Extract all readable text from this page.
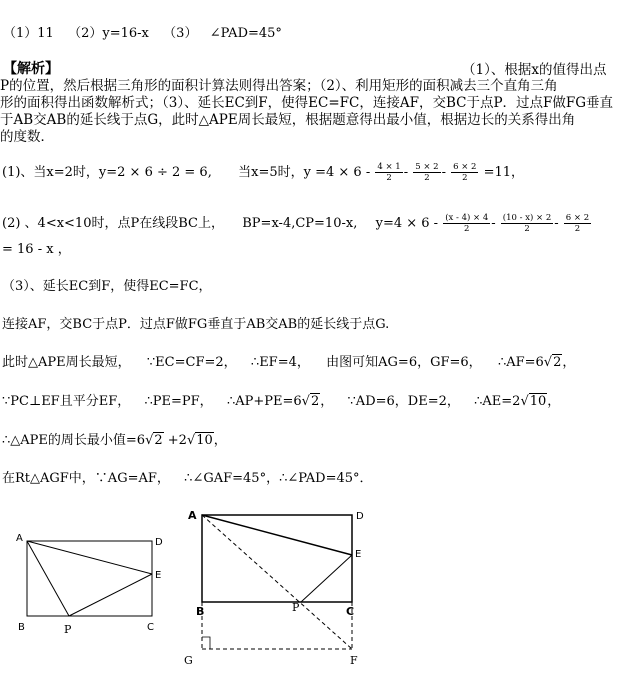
（1）11 （2）y=16-x （3） ∠PAD=45°
【解析】	（1）、根据x的值得出点
P的位置，然后根据三角形的面积计算法则得出答案；（2）、利用矩形的面积减去三个直角三角
形的面积得出函数解析式；（3）、延长EC到F，使得EC=FC，连接AF，交BC于点P．过点F做FG垂直
于AB交AB的延长线于点G，此时△APE周长最短，根据题意得出最小值，根据边长的关系得出角
的度数．
(1)、当x=2时，y=2 × 6 ÷ 2 = 6, 当x=5时，$y =4 \times 6 - \frac{4 \times 1}{2} - \frac{5 \times 2}{2} - \frac{6 \times 2}{2} =11$，
(2) 、4<x<10时，点P在线段BC上， BP=x-4,CP=10-x, $y=4 \times 6 - \frac{(x - 4) \times 4}{2} - \frac{(10 - x) \times 2}{2} - \frac{6 \times 2}{2}$
= 16 - x ，
（3）、延长EC到F，使得EC=FC，
连接AF，交BC于点P．过点F做FG垂直于AB交AB的延长线于点G.
此时△APE周长最短， ∵EC=CF=2， ∴EF=4， 由图可知AG=6，GF=6， ∴AF=6√2，
∵PC⊥EF且平分EF， ∴PE=PF， ∴AP+PE=6√2， ∵AD=6，DE=2， ∴AE=2√10，
∴△APE的周长最小值=6√2 +2√10，
在Rt△AGF中，∵AG=AF， ∴∠GAF=45°，∴∠PAD=45°．
A	D
E
B	C
P
A	D
E
B	C
P
G	F
